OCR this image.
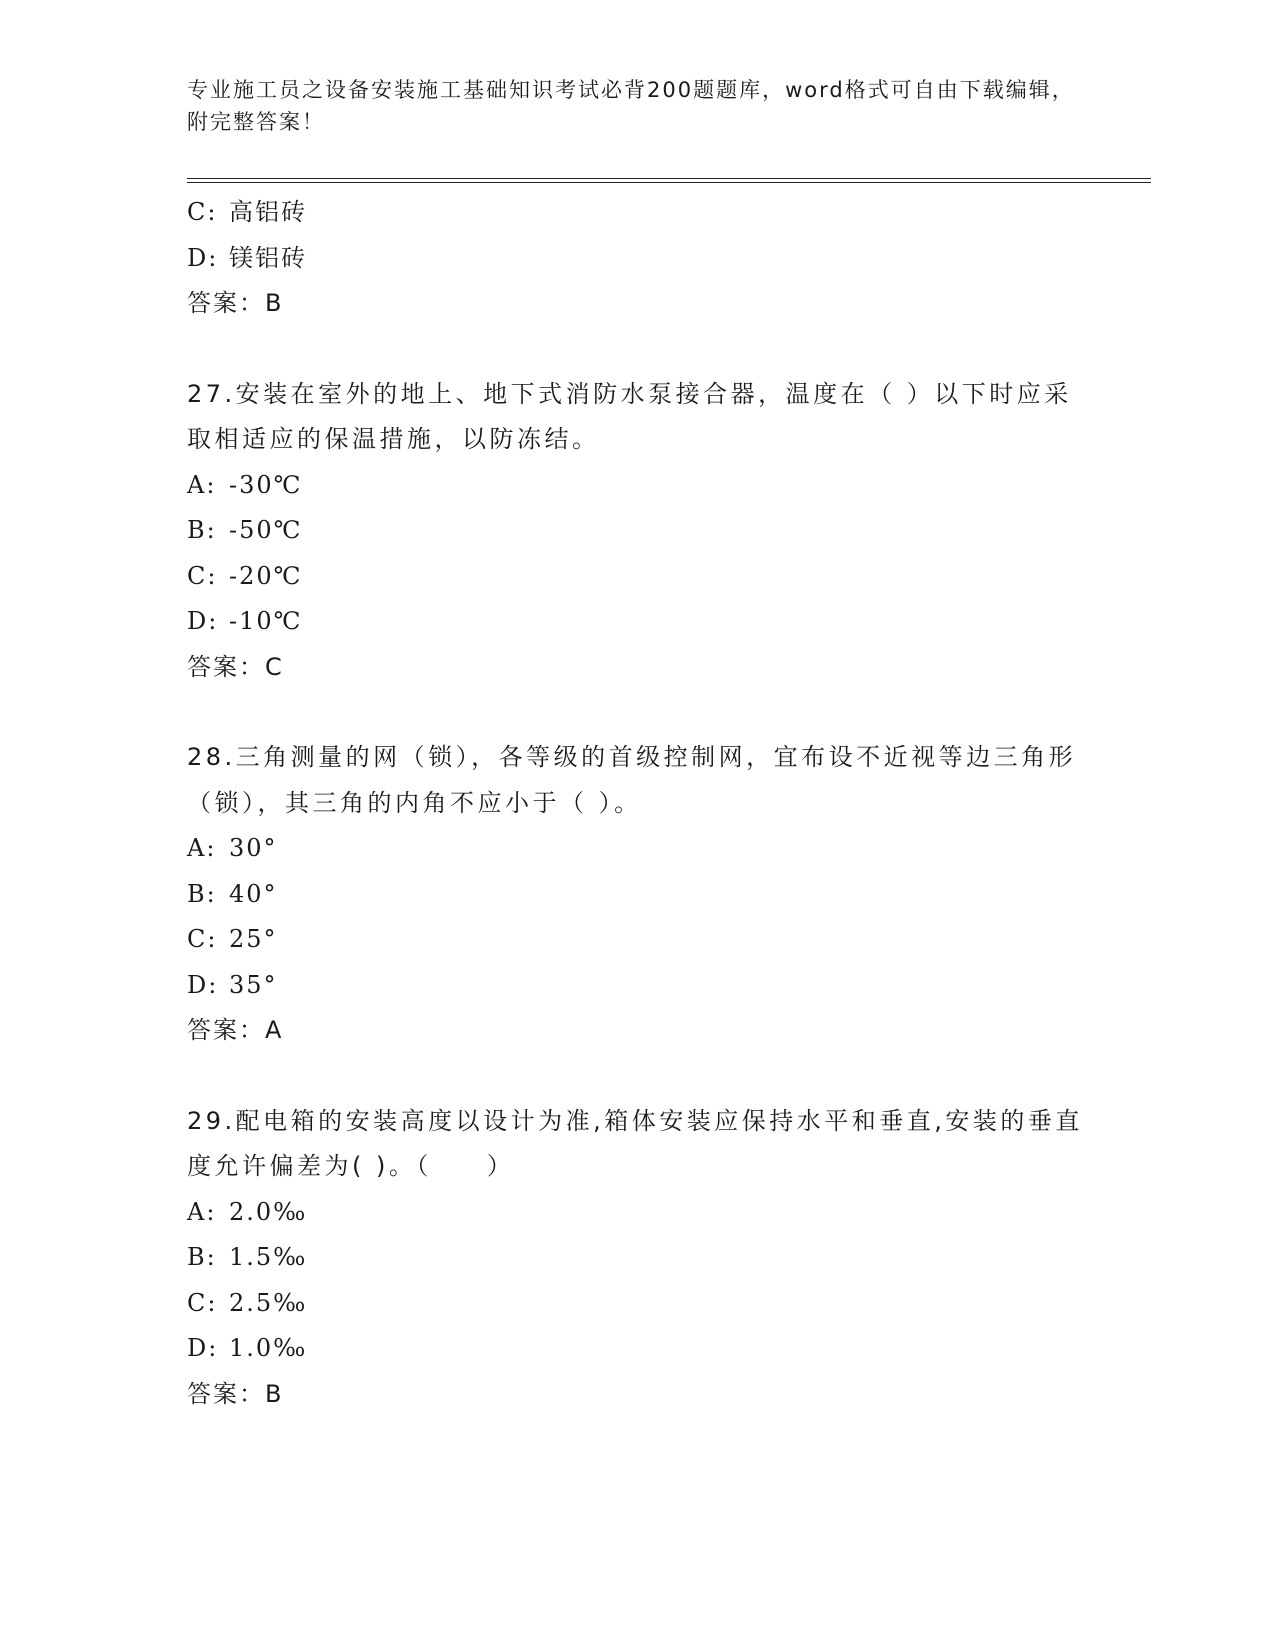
专业施工员之设备安装施工基础知识考试必背200题题库，word格式可自由下载编辑，附完整答案！
C: 高铝砖
D: 镁铝砖
答案：B
27.安装在室外的地上、地下式消防水泵接合器，温度在（ ）以下时应采取相适应的保温措施，以防冻结。
A: -30℃
B: -50℃
C: -20℃
D: -10℃
答案：C
28.三角测量的网（锁），各等级的首级控制网，宜布设不近视等边三角形（锁），其三角的内角不应小于（ ）。
A: 30°
B: 40°
C: 25°
D: 35°
答案：A
29.配电箱的安装高度以设计为准,箱体安装应保持水平和垂直,安装的垂直度允许偏差为( )。（　　）
A: 2.0‰
B: 1.5‰
C: 2.5‰
D: 1.0‰
答案：B
